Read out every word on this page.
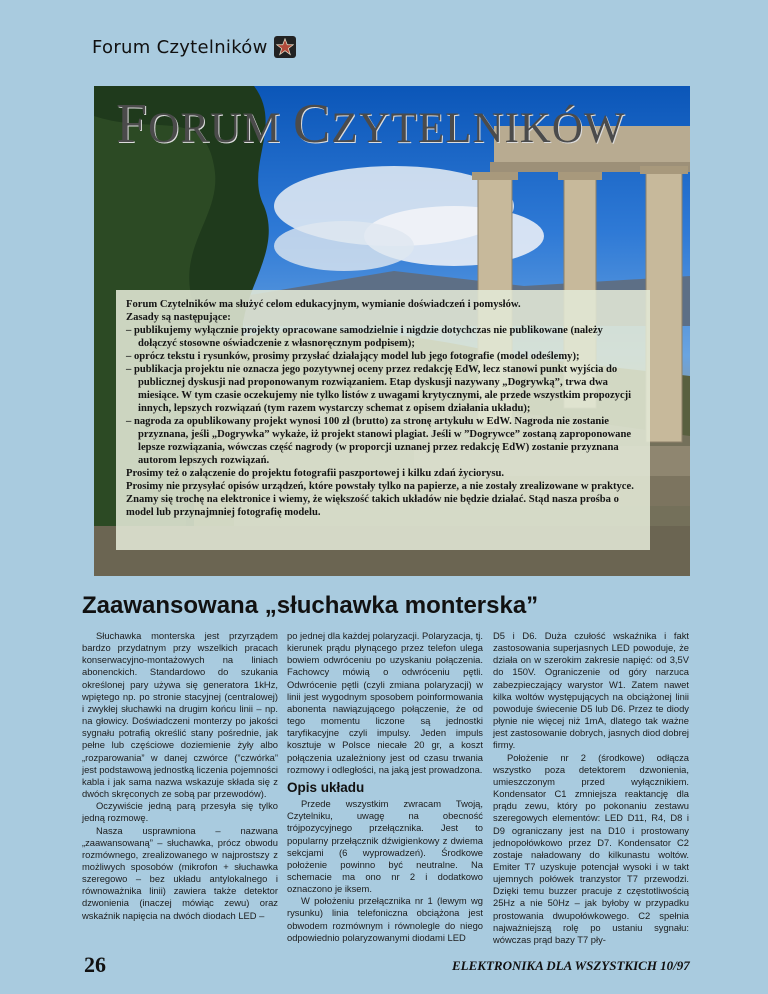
Forum Czytelników
FORUM CZYTELNIKÓW

Forum Czytelników ma służyć celom edukacyjnym, wymianie doświadczeń i pomysłów.

Zasady są następujące:

– publikujemy wyłącznie projekty opracowane samodzielnie i nigdzie dotychczas nie publikowane (należy dołączyć stosowne oświadczenie z własnoręcznym podpisem);

– oprócz tekstu i rysunków, prosimy przysłać działający model lub jego fotografie (model odeślemy);

– publikacja projektu nie oznacza jego pozytywnej oceny przez redakcję EdW, lecz stanowi punkt wyjścia do publicznej dyskusji nad proponowanym rozwiązaniem. Etap dyskusji nazywany „Dogrywką”, trwa dwa miesiące. W tym czasie oczekujemy nie tylko listów z uwagami krytycznymi, ale przede wszystkim propozycji innych, lepszych rozwiązań (tym razem wystarczy schemat z opisem działania układu);

– nagroda za opublikowany projekt wynosi 100 zł (brutto) za stronę artykułu w EdW. Nagroda nie zostanie przyznana, jeśli „Dogrywka” wykaże, iż projekt stanowi plagiat. Jeśli w ”Dogrywce” zostaną zaproponowane lepsze rozwiązania, wówczas część nagrody (w proporcji uznanej przez redakcję EdW) zostanie przyznana autorom lepszych rozwiązań.

Prosimy też o załączenie do projektu fotografii paszportowej i kilku zdań życiorysu.

Prosimy nie przysyłać opisów urządzeń, które powstały tylko na papierze, a nie zostały zrealizowane w praktyce. Znamy się trochę na elektronice i wiemy, że większość takich układów nie będzie działać. Stąd nasza prośba o model lub przynajmniej fotografię modelu.

Zaawansowana „słuchawka monterska”

Słuchawka monterska jest przyrządem bardzo przydatnym przy wszelkich pracach konserwacyjno-montażowych na liniach abonenckich. Standardowo do szukania określonej pary używa się generatora 1kHz, wpiętego np. po stronie stacyjnej (centralowej) i zwykłej słuchawki na drugim końcu linii – np. na głowicy. Doświadczeni monterzy po jakości sygnału potrafią określić stany pośrednie, jak pełne lub częściowe doziemienie żyły albo „rozparowania” w danej czwórce (”czwórka” jest podstawową jednostką liczenia pojemności kabla i jak sama nazwa wskazuje składa się z dwóch skręconych ze sobą par przewodów).

Oczywiście jedną parą przesyła się tylko jedną rozmowę.

Nasza usprawniona – nazwana „zaawansowaną” – słuchawka, prócz obwodu rozmównego, zrealizowanego w najprostszy z możliwych sposobów (mikrofon + słuchawka szeregowo – bez układu antylokalnego i równoważnika linii) zawiera także detektor dzwonienia (inaczej mówiąc zewu) oraz wskaźnik napięcia na dwóch diodach LED –

po jednej dla każdej polaryzacji. Polaryzacja, tj. kierunek prądu płynącego przez telefon ulega bowiem odwróceniu po uzyskaniu połączenia. Fachowcy mówią o odwróceniu pętli. Odwrócenie pętli (czyli zmiana polaryzacji) w linii jest wygodnym sposobem poinformowania abonenta nawiązującego połączenie, że od tego momentu liczone są jednostki taryfikacyjne czyli impulsy. Jeden impuls kosztuje w Polsce niecałe 20 gr, a koszt połączenia uzależniony jest od czasu trwania rozmowy i odległości, na jaką jest prowadzona.

Opis układu

Przede wszystkim zwracam Twoją, Czytelniku, uwagę na obecność trójpozycyjnego przełącznika. Jest to popularny przełącznik dźwigienkowy z dwiema sekcjami (6 wyprowadzeń). Środkowe położenie powinno być neutralne. Na schemacie ma ono nr 2 i dodatkowo oznaczono je iksem.

W położeniu przełącznika nr 1 (lewym wg rysunku) linia telefoniczna obciążona jest obwodem rozmównym i równolegle do niego odpowiednio polaryzowanymi diodami LED

D5 i D6. Duża czułość wskaźnika i fakt zastosowania superjasnych LED powoduje, że działa on w szerokim zakresie napięć: od 3,5V do 150V. Ograniczenie od góry narzuca zabezpieczający warystor W1. Zatem nawet kilka woltów występujących na obciążonej linii powoduje świecenie D5 lub D6. Przez te diody płynie nie więcej niż 1mA, dlatego tak ważne jest zastosowanie dobrych, jasnych diod dobrej firmy.

Położenie nr 2 (środkowe) odłącza wszystko poza detektorem dzwonienia, umieszczonym przed wyłącznikiem. Kondensator C1 zmniejsza reaktancję dla prądu zewu, który po pokonaniu zestawu szeregowych elementów: LED D11, R4, D8 i D9 ograniczany jest na D10 i prostowany jednopołówkowo przez D7. Kondensator C2 zostaje naładowany do kilkunastu woltów. Emiter T7 uzyskuje potencjał wysoki i w takt ujemnych połówek tranzystor T7 przewodzi. Dzięki temu buzzer pracuje z częstotliwością 25Hz a nie 50Hz – jak byłoby w przypadku prostowania dwupołówkowego. C2 spełnia najważniejszą rolę po ustaniu sygnału: wówczas prąd bazy T7 pły-

26	ELEKTRONIKA DLA WSZYSTKICH 10/97
